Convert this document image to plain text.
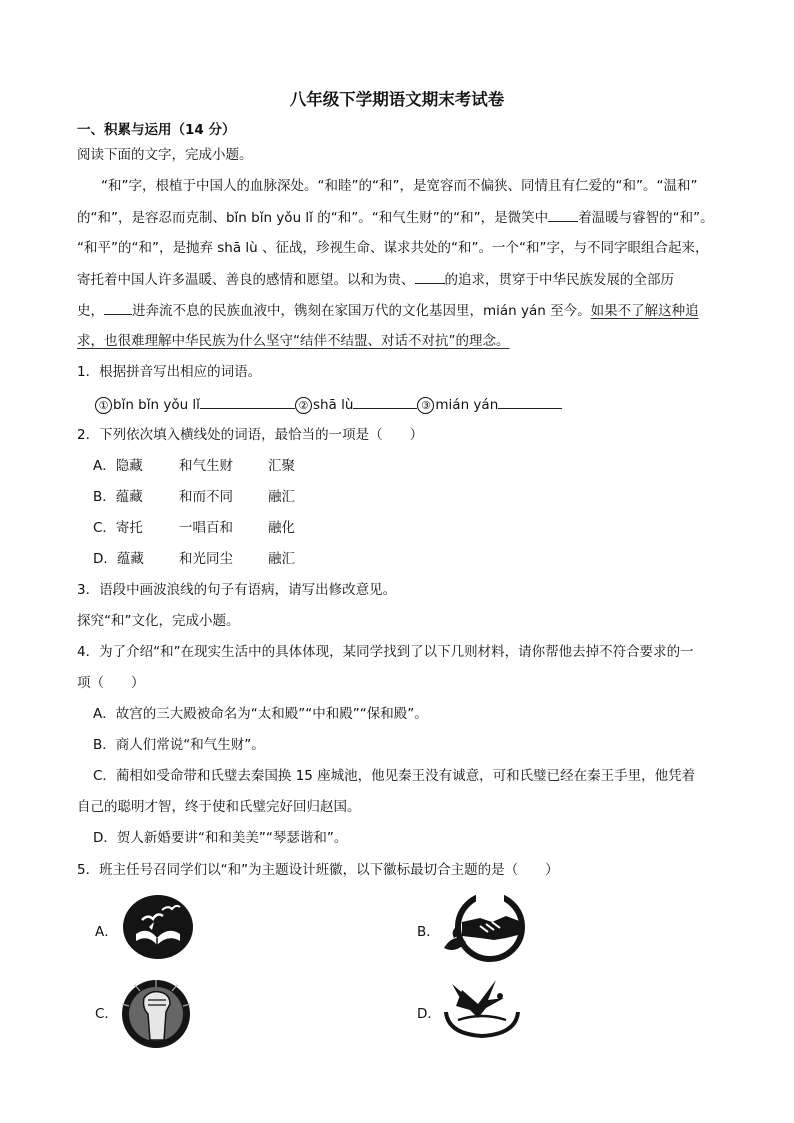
八年级下学期语文期末考试卷
一、积累与运用（14 分）
阅读下面的文字，完成小题。
“和”字，根植于中国人的血脉深处。“和睦”的“和”，是宽容而不偏狭、同情且有仁爱的“和”。“温和”
的“和”，是容忍而克制、bǐn bǐn yǒu lǐ 的“和”。“和气生财”的“和”，是微笑中 着温暖与睿智的“和”。
“和平”的“和”，是抛弃 shā lù 、征战，珍视生命、谋求共处的“和”。一个“和”字，与不同字眼组合起来，
寄托着中国人许多温暖、善良的感情和愿望。以和为贵、 的追求，贯穿于中华民族发展的全部历
史， 进奔流不息的民族血液中，镌刻在家国万代的文化基因里，mián yán 至今。如果不了解这种追
求，也很难理解中华民族为什么坚守“结伴不结盟、对话不对抗”的理念。
1．根据拼音写出相应的词语。
① bǐn bǐn yǒu lǐ	② shā lù	③ mián yán
2．下列依次填入横线处的词语，最恰当的一项是（　　）
A．隐藏	和气生财	汇聚
B．蕴藏	和而不同	融汇
C．寄托	一唱百和	融化
D．蕴藏	和光同尘	融汇
3．语段中画波浪线的句子有语病，请写出修改意见。
探究“和”文化，完成小题。
4．为了介绍“和”在现实生活中的具体体现，某同学找到了以下几则材料，请你帮他去掉不符合要求的一
项（　　）
A．故宫的三大殿被命名为“太和殿”“中和殿”“保和殿”。
B．商人们常说“和气生财”。
C．蔺相如受命带和氏璧去秦国换 15 座城池，他见秦王没有诚意，可和氏璧已经在秦王手里，他凭着
自己的聪明才智，终于使和氏璧完好回归赵国。
D．贺人新婚要讲“和和美美”“琴瑟谐和”。
5．班主任号召同学们以“和”为主题设计班徽，以下徽标最切合主题的是（　　）
A．	B．
C．	D．
